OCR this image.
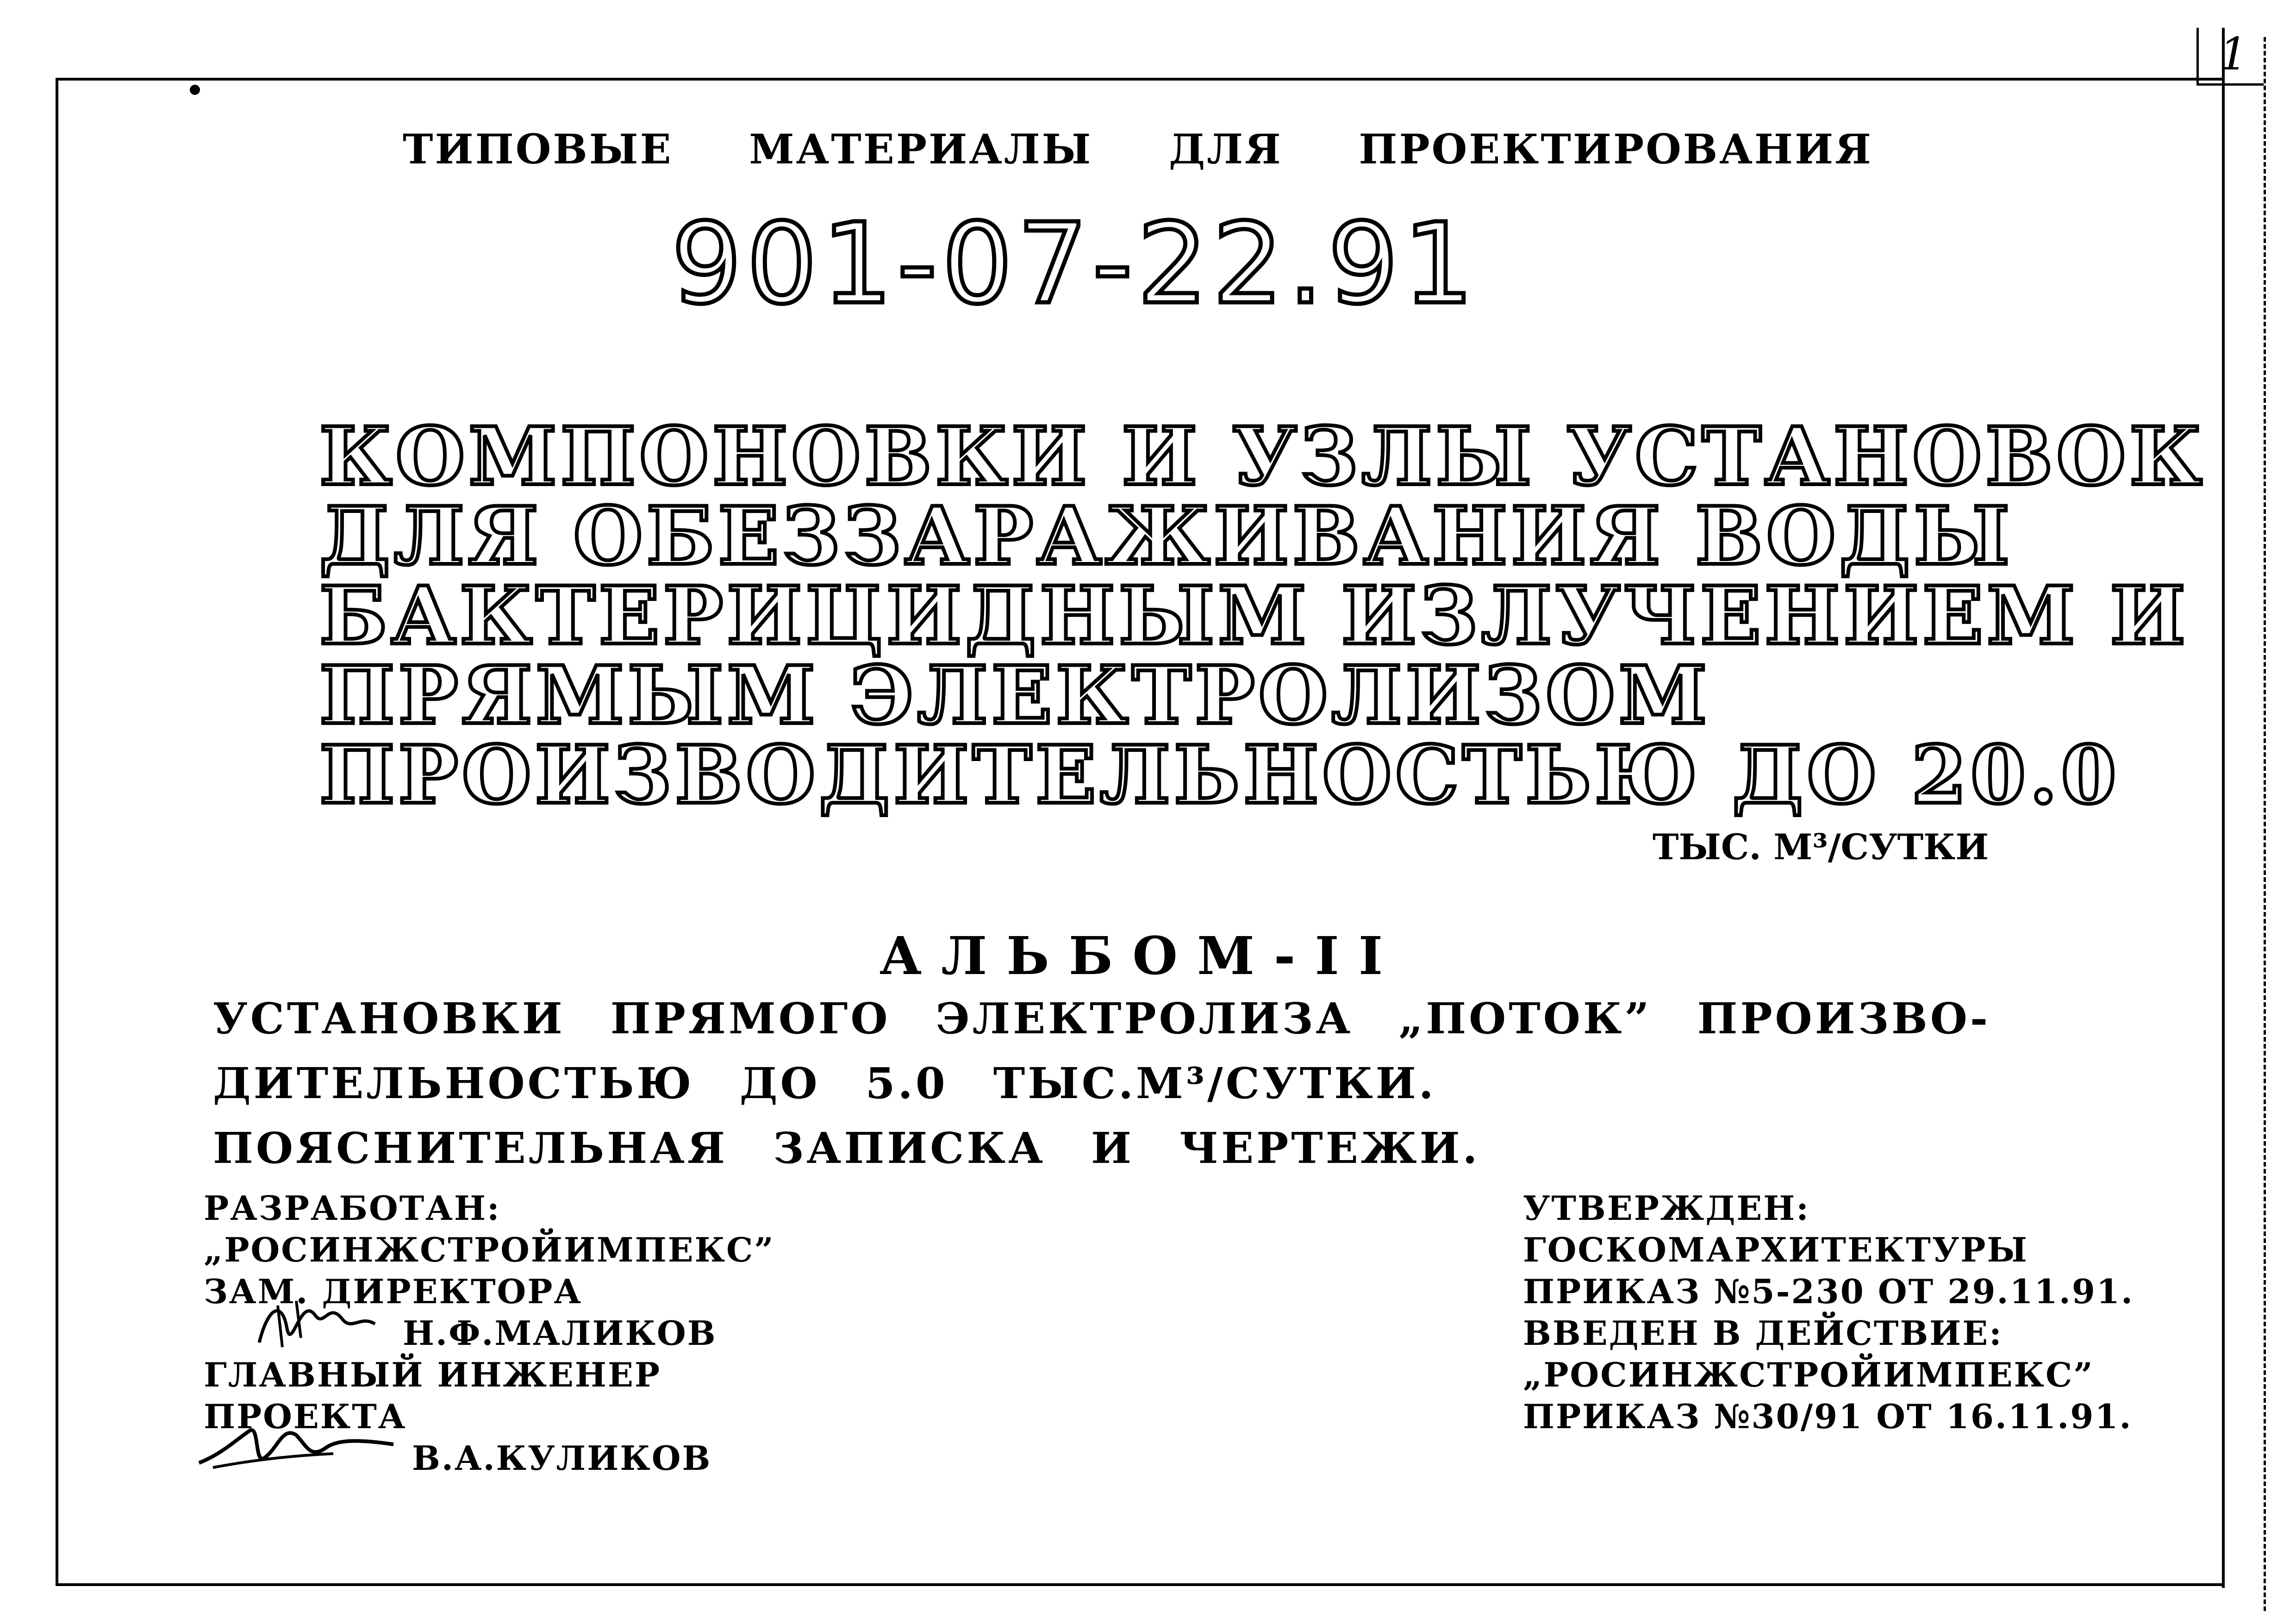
1
ТИПОВЫЕ МАТЕРИАЛЫ ДЛЯ ПРОЕКТИРОВАНИЯ
901-07-22.91
КОМПОНОВКИ И УЗЛЫ УСТАНОВОК
ДЛЯ ОБЕЗЗАРАЖИВАНИЯ ВОДЫ
БАКТЕРИЦИДНЫМ ИЗЛУЧЕНИЕМ И
ПРЯМЫМ ЭЛЕКТРОЛИЗОМ
ПРОИЗВОДИТЕЛЬНОСТЬЮ ДО 20.0
ТЫС. М³/СУТКИ
АЛЬБОМ-II
УСТАНОВКИ ПРЯМОГО ЭЛЕКТРОЛИЗА „ПОТОК” ПРОИЗВО-
ДИТЕЛЬНОСТЬЮ ДО 5.0 ТЫС.М³/СУТКИ.
ПОЯСНИТЕЛЬНАЯ ЗАПИСКА И ЧЕРТЕЖИ.
РАЗРАБОТАН:
„РОСИНЖСТРОЙИМПЕКС”
ЗАМ. ДИРЕКТОРА
Н.Ф.МАЛИКОВ
ГЛАВНЫЙ ИНЖЕНЕР
ПРОЕКТА
В.А.КУЛИКОВ
УТВЕРЖДЕН:
ГОСКОМАРХИТЕКТУРЫ
ПРИКАЗ №5-230 ОТ 29.11.91.
ВВЕДЕН В ДЕЙСТВИЕ:
„РОСИНЖСТРОЙИМПЕКС”
ПРИКАЗ №30/91 ОТ 16.11.91.
